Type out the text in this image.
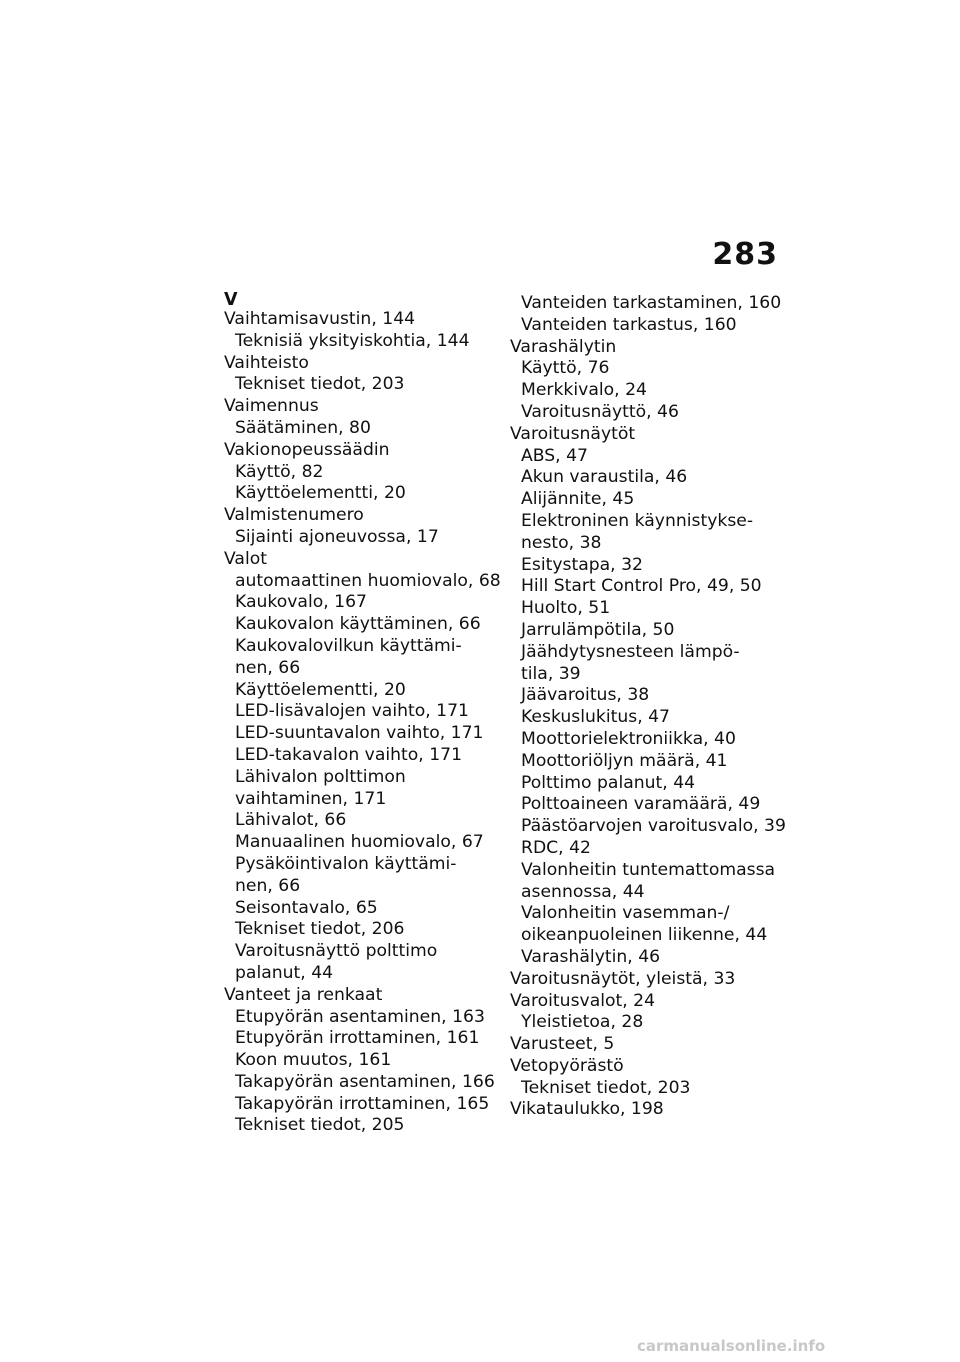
283
V
Vaihtamisavustin, 144
Teknisiä yksityiskohtia, 144
Vaihteisto
Tekniset tiedot, 203
Vaimennus
Säätäminen, 80
Vakionopeussäädin
Käyttö, 82
Käyttöelementti, 20
Valmistenumero
Sijainti ajoneuvossa, 17
Valot
automaattinen huomiovalo, 68
Kaukovalo, 167
Kaukovalon käyttäminen, 66
Kaukovalovilkun käyttämi-
nen, 66
Käyttöelementti, 20
LED-lisävalojen vaihto, 171
LED-suuntavalon vaihto, 171
LED-takavalon vaihto, 171
Lähivalon polttimon
vaihtaminen, 171
Lähivalot, 66
Manuaalinen huomiovalo, 67
Pysäköintivalon käyttämi-
nen, 66
Seisontavalo, 65
Tekniset tiedot, 206
Varoitusnäyttö polttimo
palanut, 44
Vanteet ja renkaat
Etupyörän asentaminen, 163
Etupyörän irrottaminen, 161
Koon muutos, 161
Takapyörän asentaminen, 166
Takapyörän irrottaminen, 165
Tekniset tiedot, 205
Vanteiden tarkastaminen, 160
Vanteiden tarkastus, 160
Varashälytin
Käyttö, 76
Merkkivalo, 24
Varoitusnäyttö, 46
Varoitusnäytöt
ABS, 47
Akun varaustila, 46
Alijännite, 45
Elektroninen käynnistykse-
nesto, 38
Esitystapa, 32
Hill Start Control Pro, 49, 50
Huolto, 51
Jarrulämpötila, 50
Jäähdytysnesteen lämpö-
tila, 39
Jäävaroitus, 38
Keskuslukitus, 47
Moottorielektroniikka, 40
Moottoriöljyn määrä, 41
Polttimo palanut, 44
Polttoaineen varamäärä, 49
Päästöarvojen varoitusvalo, 39
RDC, 42
Valonheitin tuntemattomassa
asennossa, 44
Valonheitin vasemman-/
oikeanpuoleinen liikenne, 44
Varashälytin, 46
Varoitusnäytöt, yleistä, 33
Varoitusvalot, 24
Yleistietoa, 28
Varusteet, 5
Vetopyörästö
Tekniset tiedot, 203
Vikataulukko, 198
carmanualsonline.info
